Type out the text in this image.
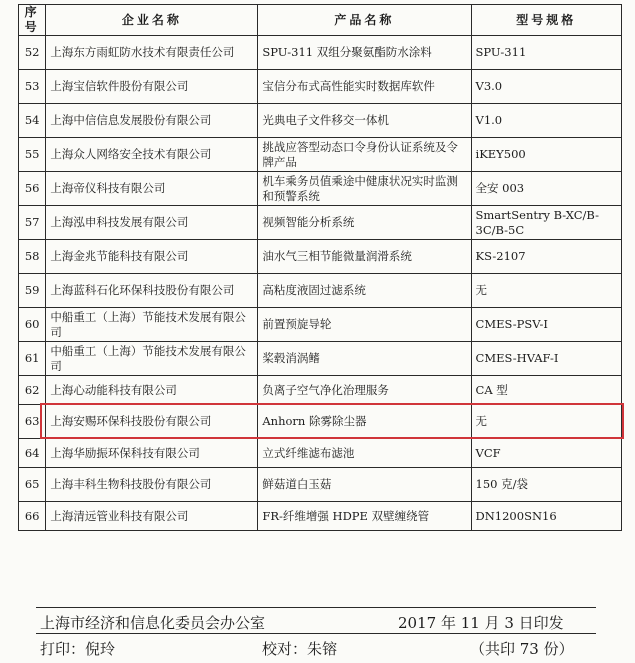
序号	企业名称	产品名称	型号规格
52	上海东方雨虹防水技术有限责任公司	SPU-311 双组分聚氨酯防水涂料	SPU-311
53	上海宝信软件股份有限公司	宝信分布式高性能实时数据库软件	V3.0
54	上海中信信息发展股份有限公司	光典电子文件移交一体机	V1.0
55	上海众人网络安全技术有限公司	挑战应答型动态口令身份认证系统及令牌产品	iKEY500
56	上海帝仪科技有限公司	机车乘务员值乘途中健康状况实时监测和预警系统	全安 003
57	上海泓申科技发展有限公司	视频智能分析系统	SmartSentry B-XC/B-3C/B-5C
58	上海金兆节能科技有限公司	油水气三相节能微量润滑系统	KS-2107
59	上海蓝科石化环保科技股份有限公司	高粘度液固过滤系统	无
60	中船重工（上海）节能技术发展有限公司	前置预旋导轮	CMES-PSV-I
61	中船重工（上海）节能技术发展有限公司	桨毂消涡鳍	CMES-HVAF-I
62	上海心动能科技有限公司	负离子空气净化治理服务	CA 型
63	上海安赐环保科技股份有限公司	Anhorn 除雾除尘器	无
64	上海华励振环保科技有限公司	立式纤维滤布滤池	VCF
65	上海丰科生物科技股份有限公司	鲜菇道白玉菇	150 克/袋
66	上海清远管业科技有限公司	FR-纤维增强 HDPE 双壁缠绕管	DN1200SN16
上海市经济和信息化委员会办公室	2017 年 11 月 3 日印发
打印：倪玲	校对：朱镕	（共印 73 份）
